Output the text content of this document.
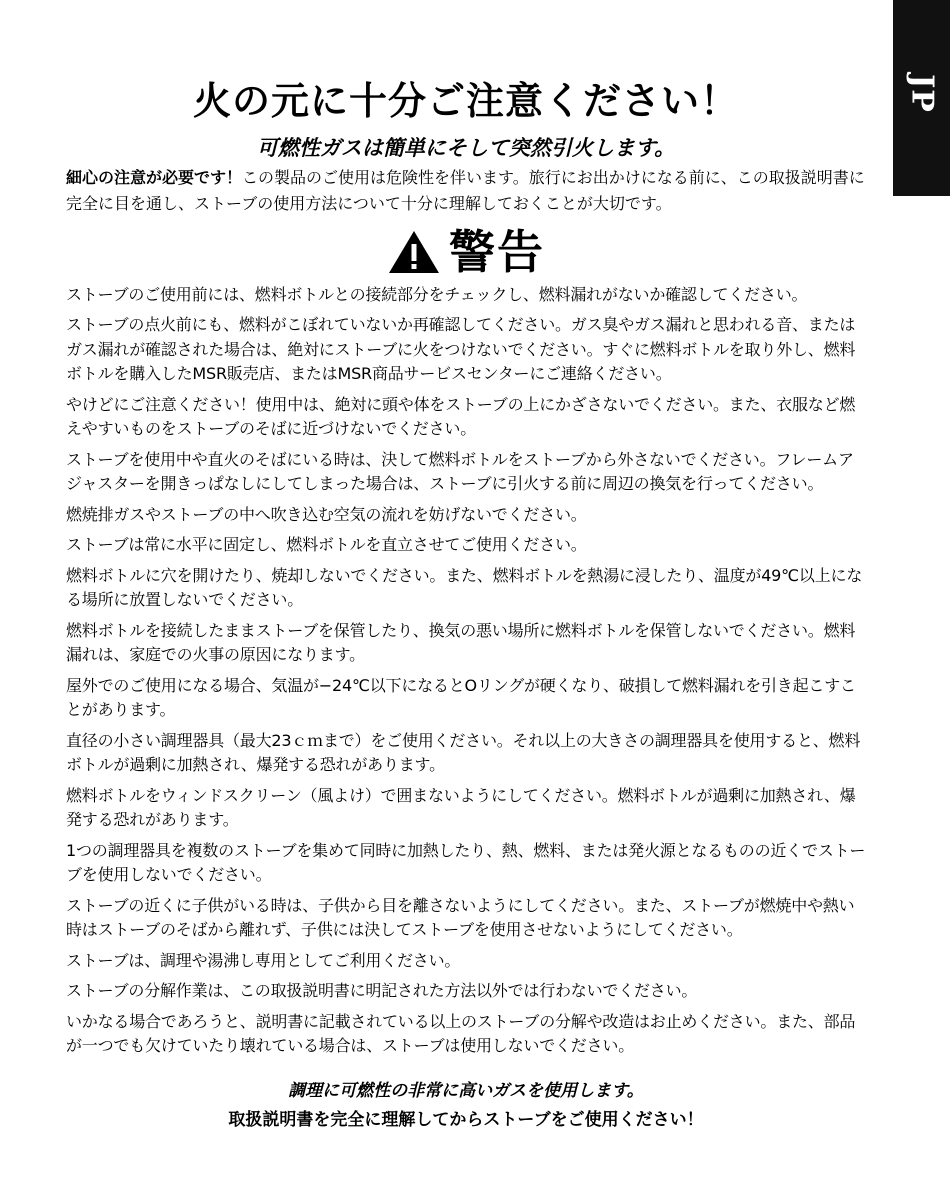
JP
火の元に十分ご注意ください！
可燃性ガスは簡単にそして突然引火します。

細心の注意が必要です！この製品のご使用は危険性を伴います。旅行にお出かけになる前に、この取扱説明書に完全に目を通し、ストーブの使用方法について十分に理解しておくことが大切です。

警告
ストーブのご使用前には、燃料ボトルとの接続部分をチェックし、燃料漏れがないか確認してください。
ストーブの点火前にも、燃料がこぼれていないか再確認してください。ガス臭やガス漏れと思われる音、またはガス漏れが確認された場合は、絶対にストーブに火をつけないでください。すぐに燃料ボトルを取り外し、燃料ボトルを購入したMSR販売店、またはMSR商品サービスセンターにご連絡ください。
やけどにご注意ください！使用中は、絶対に頭や体をストーブの上にかざさないでください。また、衣服など燃えやすいものをストーブのそばに近づけないでください。
ストーブを使用中や直火のそばにいる時は、決して燃料ボトルをストーブから外さないでください。フレームアジャスターを開きっぱなしにしてしまった場合は、ストーブに引火する前に周辺の換気を行ってください。
燃焼排ガスやストーブの中へ吹き込む空気の流れを妨げないでください。
ストーブは常に水平に固定し、燃料ボトルを直立させてご使用ください。
燃料ボトルに穴を開けたり、焼却しないでください。また、燃料ボトルを熱湯に浸したり、温度が49℃以上になる場所に放置しないでください。
燃料ボトルを接続したままストーブを保管したり、換気の悪い場所に燃料ボトルを保管しないでください。燃料漏れは、家庭での火事の原因になります。
屋外でのご使用になる場合、気温が−24℃以下になるとOリングが硬くなり、破損して燃料漏れを引き起こすことがあります。
直径の小さい調理器具（最大23ｃｍまで）をご使用ください。それ以上の大きさの調理器具を使用すると、燃料ボトルが過剰に加熱され、爆発する恐れがあります。
燃料ボトルをウィンドスクリーン（風よけ）で囲まないようにしてください。燃料ボトルが過剰に加熱され、爆発する恐れがあります。
1つの調理器具を複数のストーブを集めて同時に加熱したり、熱、燃料、または発火源となるものの近くでストーブを使用しないでください。
ストーブの近くに子供がいる時は、子供から目を離さないようにしてください。また、ストーブが燃焼中や熱い時はストーブのそばから離れず、子供には決してストーブを使用させないようにしてください。
ストーブは、調理や湯沸し専用としてご利用ください。
ストーブの分解作業は、この取扱説明書に明記された方法以外では行わないでください。
いかなる場合であろうと、説明書に記載されている以上のストーブの分解や改造はお止めください。また、部品が一つでも欠けていたり壊れている場合は、ストーブは使用しないでください。
調理に可燃性の非常に高いガスを使用します。
取扱説明書を完全に理解してからストーブをご使用ください！
